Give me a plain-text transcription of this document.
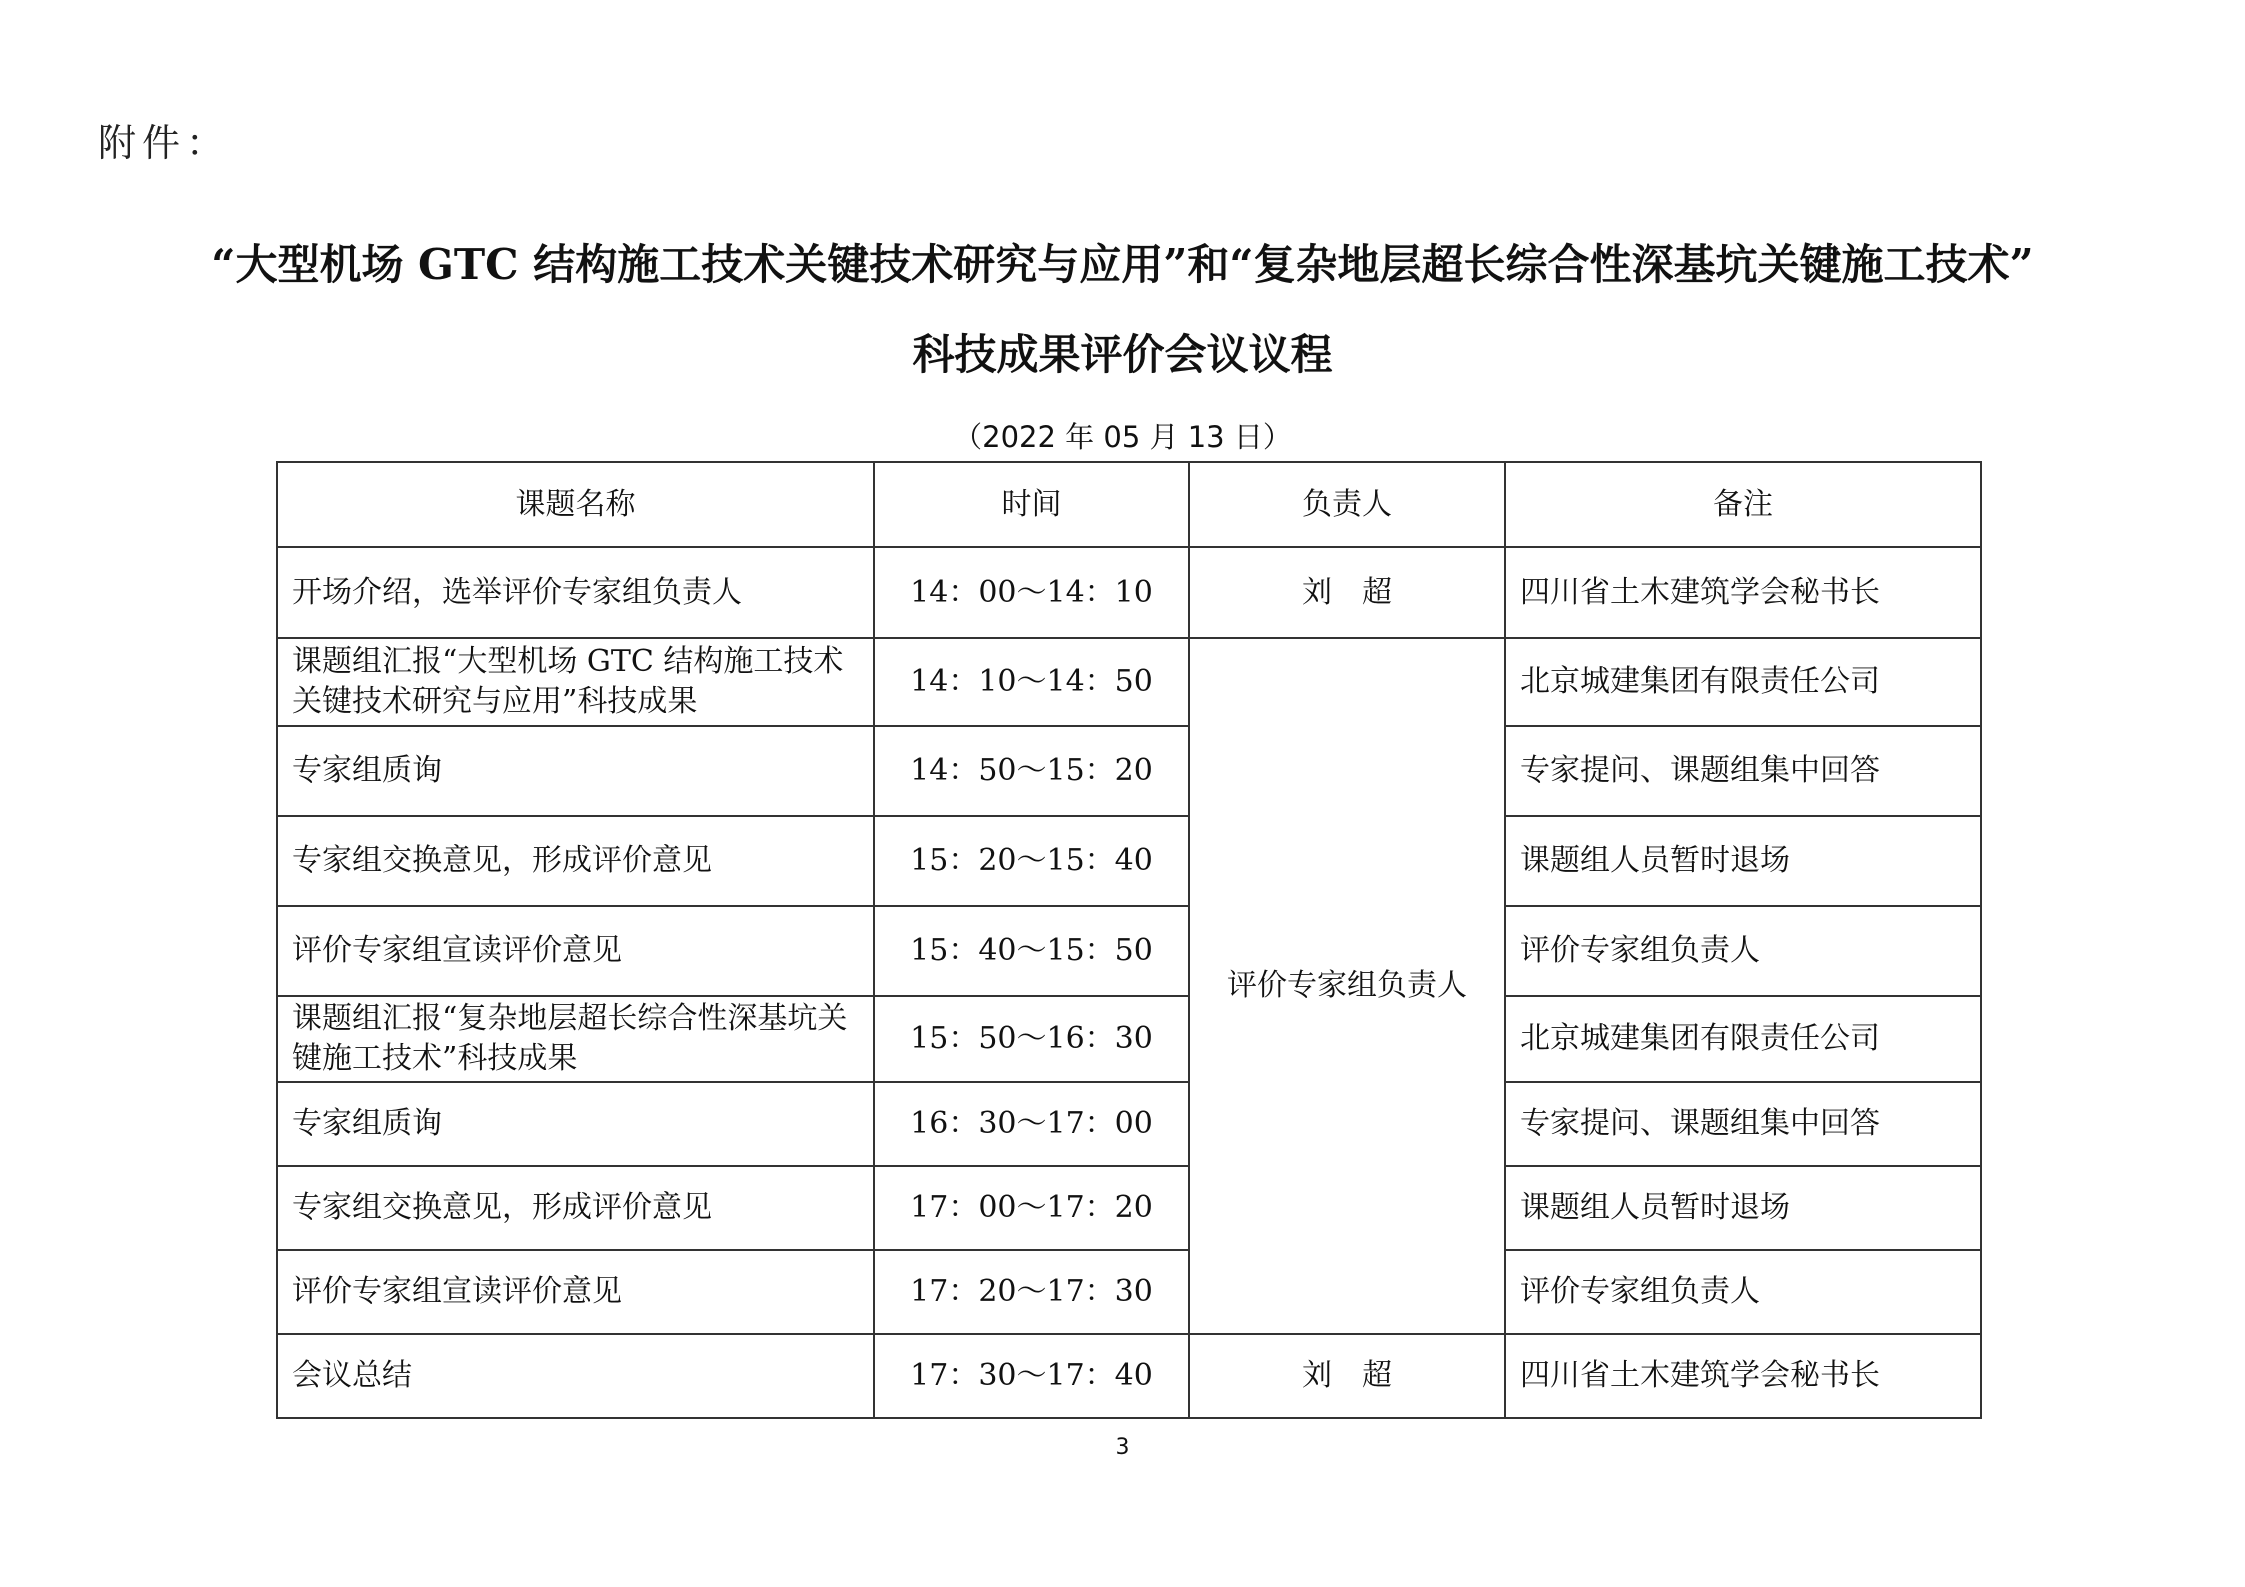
附件：
“大型机场 GTC 结构施工技术关键技术研究与应用”和“复杂地层超长综合性深基坑关键施工技术”
科技成果评价会议议程
（2022 年 05 月 13 日）
课题名称	时间	负责人	备注
开场介绍，选举评价专家组负责人	14：00～14：10	刘　超	四川省土木建筑学会秘书长
课题组汇报“大型机场 GTC 结构施工技术关键技术研究与应用”科技成果	14：10～14：50	评价专家组负责人	北京城建集团有限责任公司
专家组质询	14：50～15：20		专家提问、课题组集中回答
专家组交换意见，形成评价意见	15：20～15：40		课题组人员暂时退场
评价专家组宣读评价意见	15：40～15：50		评价专家组负责人
课题组汇报“复杂地层超长综合性深基坑关键施工技术”科技成果	15：50～16：30		北京城建集团有限责任公司
专家组质询	16：30～17：00		专家提问、课题组集中回答
专家组交换意见，形成评价意见	17：00～17：20		课题组人员暂时退场
评价专家组宣读评价意见	17：20～17：30		评价专家组负责人
会议总结	17：30～17：40	刘　超	四川省土木建筑学会秘书长
3
